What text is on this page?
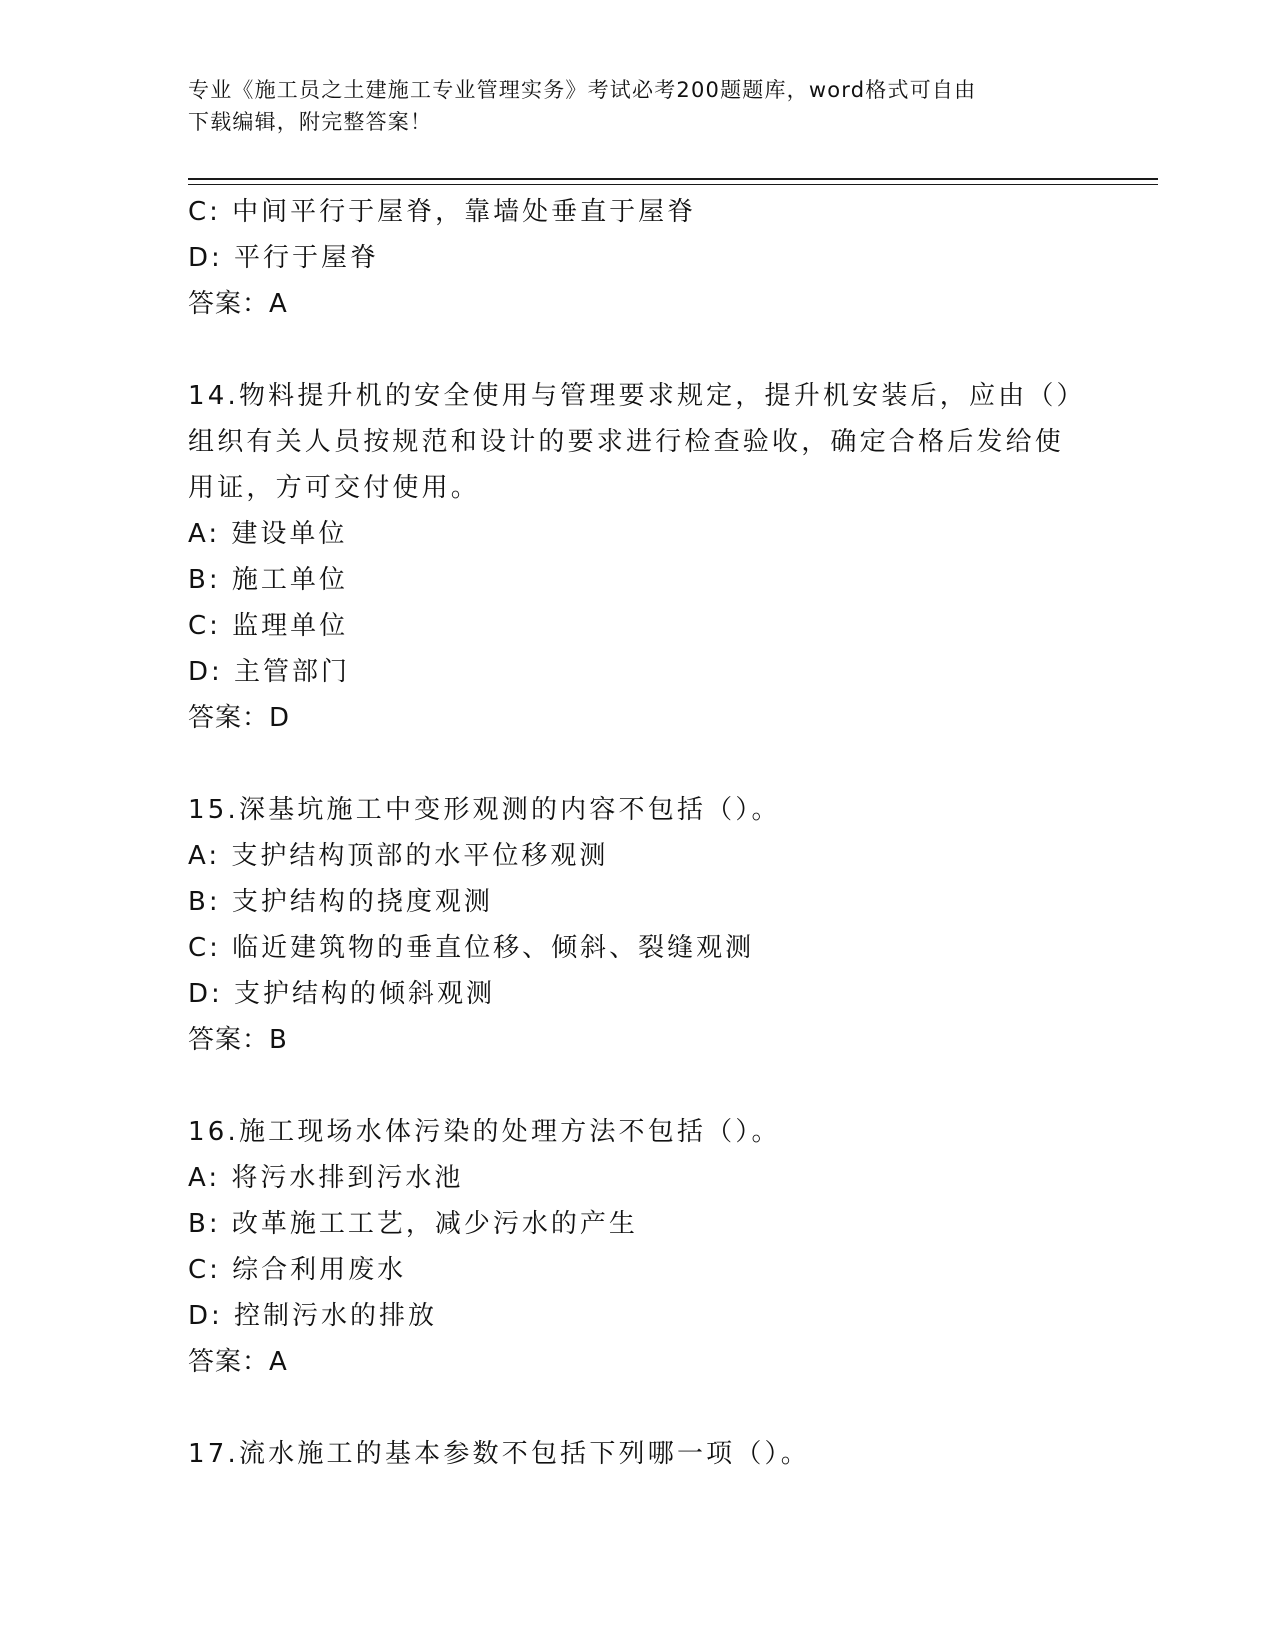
专业《施工员之土建施工专业管理实务》考试必考200题题库，word格式可自由
下载编辑，附完整答案！
C: 中间平行于屋脊，靠墙处垂直于屋脊
D: 平行于屋脊
答案：A
14.物料提升机的安全使用与管理要求规定，提升机安装后，应由（）
组织有关人员按规范和设计的要求进行检查验收，确定合格后发给使
用证，方可交付使用。
A: 建设单位
B: 施工单位
C: 监理单位
D: 主管部门
答案：D
15.深基坑施工中变形观测的内容不包括（）。
A: 支护结构顶部的水平位移观测
B: 支护结构的挠度观测
C: 临近建筑物的垂直位移、倾斜、裂缝观测
D: 支护结构的倾斜观测
答案：B
16.施工现场水体污染的处理方法不包括（）。
A: 将污水排到污水池
B: 改革施工工艺，减少污水的产生
C: 综合利用废水
D: 控制污水的排放
答案：A
17.流水施工的基本参数不包括下列哪一项（）。
